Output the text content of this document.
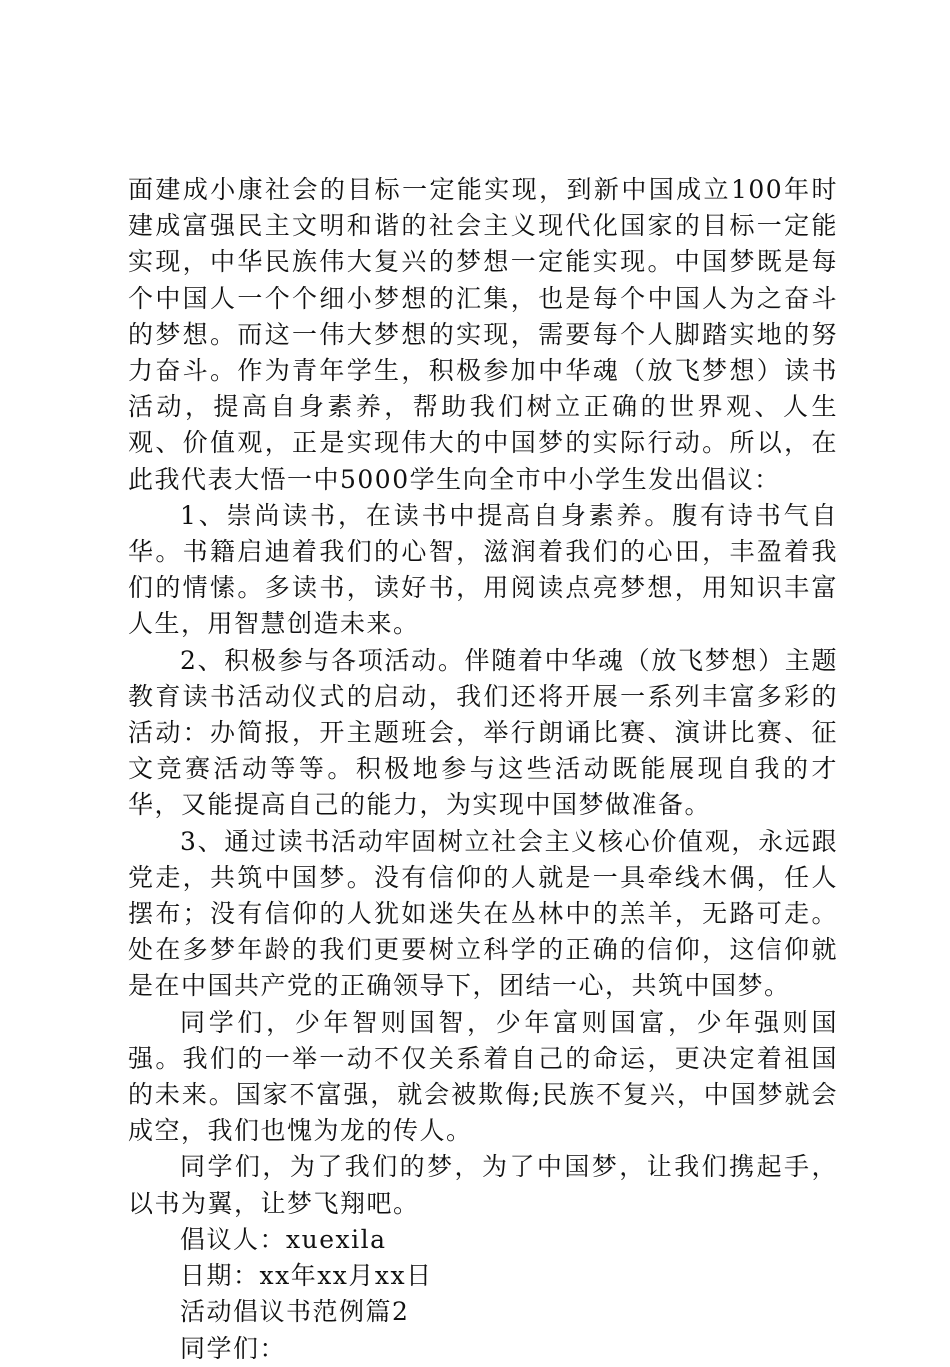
面建成小康社会的目标一定能实现，到新中国成立100年时建成富强民主文明和谐的社会主义现代化国家的目标一定能实现，中华民族伟大复兴的梦想一定能实现。中国梦既是每个中国人一个个细小梦想的汇集，也是每个中国人为之奋斗的梦想。而这一伟大梦想的实现，需要每个人脚踏实地的努力奋斗。作为青年学生，积极参加中华魂（放飞梦想）读书活动，提高自身素养，帮助我们树立正确的世界观、人生观、价值观，正是实现伟大的中国梦的实际行动。所以，在此我代表大悟一中5000学生向全市中小学生发出倡议：

1、崇尚读书，在读书中提高自身素养。腹有诗书气自华。书籍启迪着我们的心智，滋润着我们的心田，丰盈着我们的情愫。多读书，读好书，用阅读点亮梦想，用知识丰富人生，用智慧创造未来。

2、积极参与各项活动。伴随着中华魂（放飞梦想）主题教育读书活动仪式的启动，我们还将开展一系列丰富多彩的活动：办简报，开主题班会，举行朗诵比赛、演讲比赛、征文竞赛活动等等。积极地参与这些活动既能展现自我的才华，又能提高自己的能力，为实现中国梦做准备。

3、通过读书活动牢固树立社会主义核心价值观，永远跟党走，共筑中国梦。没有信仰的人就是一具牵线木偶，任人摆布；没有信仰的人犹如迷失在丛林中的羔羊，无路可走。处在多梦年龄的我们更要树立科学的正确的信仰，这信仰就是在中国共产党的正确领导下，团结一心，共筑中国梦。

同学们，少年智则国智，少年富则国富，少年强则国强。我们的一举一动不仅关系着自己的命运，更决定着祖国的未来。国家不富强，就会被欺侮;民族不复兴，中国梦就会成空，我们也愧为龙的传人。

同学们，为了我们的梦，为了中国梦，让我们携起手，以书为翼，让梦飞翔吧。

倡议人：xuexila

日期：xx年xx月xx日

活动倡议书范例篇2

同学们：
